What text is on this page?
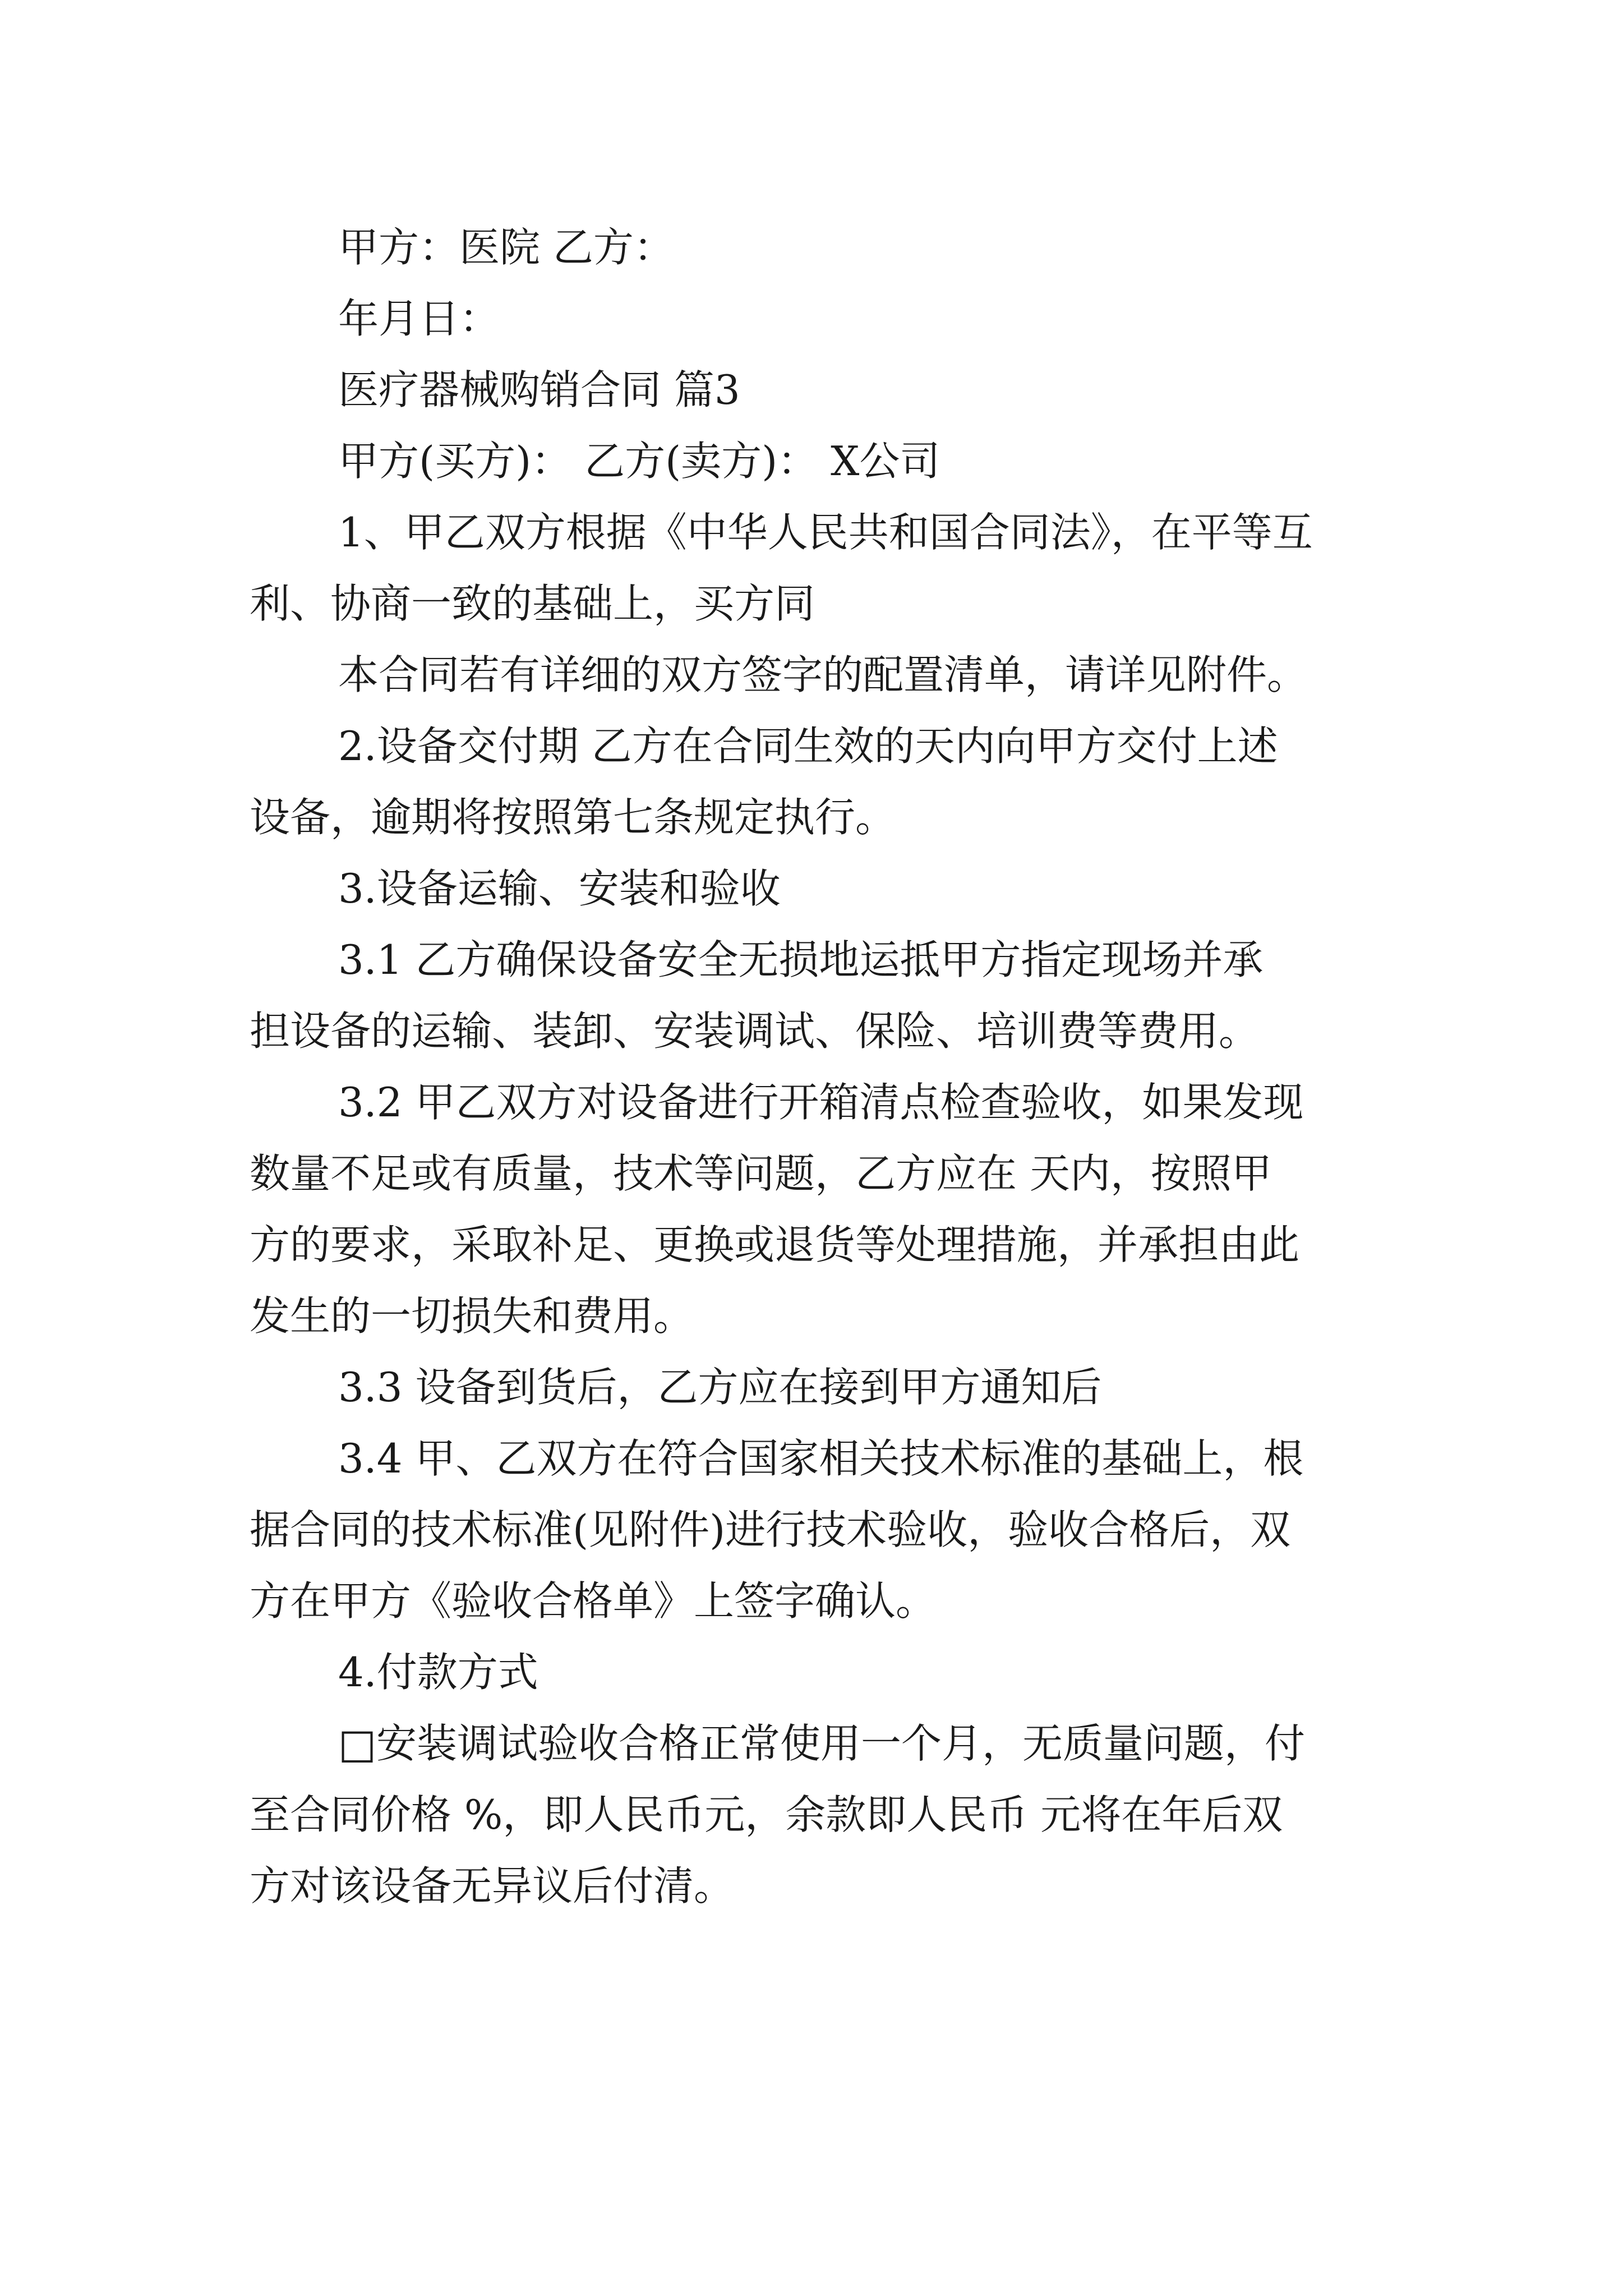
甲方：医院 乙方：

年月日：

医疗器械购销合同 篇3

甲方(买方)： 乙方(卖方)： X公司

1、甲乙双方根据《中华人民共和国合同法》，在平等互

利、协商一致的基础上，买方同

本合同若有详细的双方签字的配置清单，请详见附件。

2.设备交付期 乙方在合同生效的天内向甲方交付上述

设备，逾期将按照第七条规定执行。

3.设备运输、安装和验收

3.1 乙方确保设备安全无损地运抵甲方指定现场并承

担设备的运输、装卸、安装调试、保险、培训费等费用。

3.2 甲乙双方对设备进行开箱清点检查验收，如果发现

数量不足或有质量，技术等问题，乙方应在 天内，按照甲

方的要求，采取补足、更换或退货等处理措施，并承担由此

发生的一切损失和费用。

3.3 设备到货后，乙方应在接到甲方通知后

3.4 甲、乙双方在符合国家相关技术标准的基础上，根

据合同的技术标准(见附件)进行技术验收，验收合格后，双

方在甲方《验收合格单》上签字确认。

4.付款方式

□安装调试验收合格正常使用一个月，无质量问题，付

至合同价格 %，即人民币元，余款即人民币 元将在年后双

方对该设备无异议后付清。
